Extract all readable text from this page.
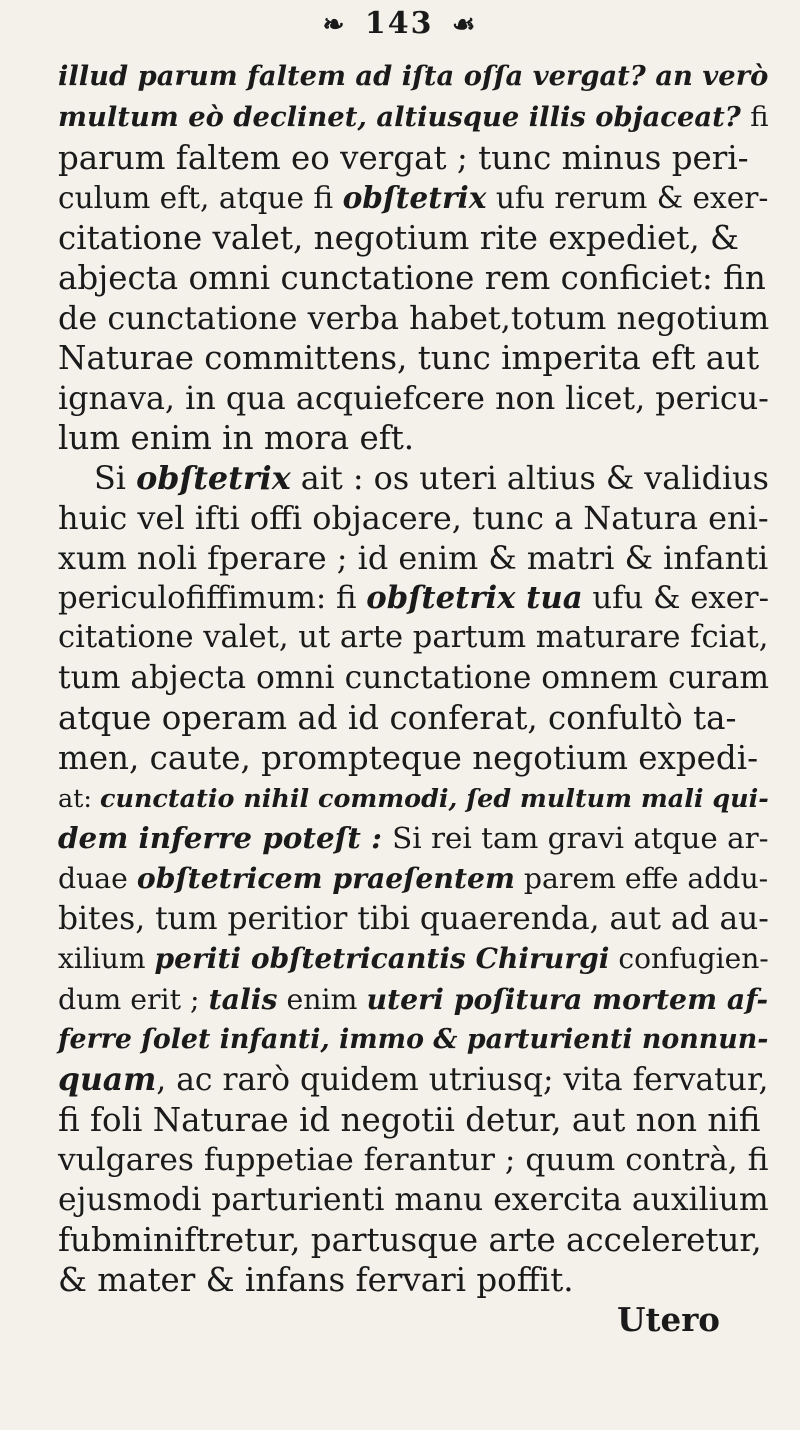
❧ 143 ☙
illud parum faltem ad iſta oſſa vergat? an verò
multum eò declinet, altiusque illis objaceat? fi
parum faltem eo vergat ; tunc minus peri-
culum eft, atque fi obſtetrix ufu rerum & exer-
citatione valet, negotium rite expediet, &
abjecta omni cunctatione rem conficiet: fin
de cunctatione verba habet,totum negotium
Naturae committens, tunc imperita eft aut
ignava, in qua acquiefcere non licet, pericu-
lum enim in mora eft.
Si obſtetrix ait : os uteri altius & validius
huic vel ifti offi objacere, tunc a Natura eni-
xum noli fperare ; id enim & matri & infanti
periculofiffimum: fi obſtetrix tua ufu & exer-
citatione valet, ut arte partum maturare fciat,
tum abjecta omni cunctatione omnem curam
atque operam ad id conferat, confultò ta-
men, caute, prompteque negotium expedi-
at: cunctatio nihil commodi, ſed multum mali qui-
dem inferre poteſt : Si rei tam gravi atque ar-
duae obſtetricem praeſentem parem effe addu-
bites, tum peritior tibi quaerenda, aut ad au-
xilium periti obſtetricantis Chirurgi confugien-
dum erit ; talis enim uteri poſitura mortem af-
ferre ſolet infanti, immo & parturienti nonnun-
quam, ac rarò quidem utriusq; vita fervatur,
fi foli Naturae id negotii detur, aut non nifi
vulgares fuppetiae ferantur ; quum contrà, fi
ejusmodi parturienti manu exercita auxilium
fubminiftretur, partusque arte acceleretur,
& mater & infans fervari poffit.
Utero
